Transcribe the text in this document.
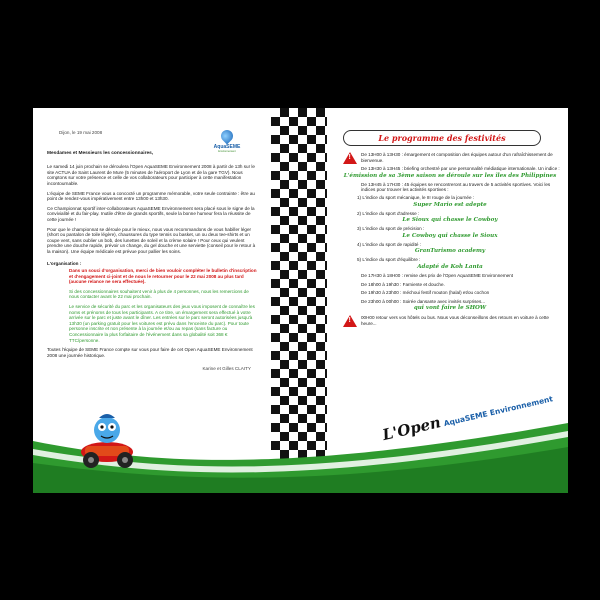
AquaSEME
Environnement
Dijon, le 19 mai 2008
Mesdames et Messieurs les concessionnaires,
Le samedi 14 juin prochain se déroulera l'Open AquaSEME Environnement 2008 à partir de 13h sur le site ACTUA de Saint Laurent de Mure (5 minutes de l'aéroport de Lyon et de la gare TGV). Nous comptons sur votre présence et celle de vos collaborateurs pour participer à cette manifestation incontournable.
L'équipe de SEME France vous a concocté un programme mémorable, votre seule contrainte : être au point de rendez-vous impérativement entre 13h00 et 13h30.
Ce Championnat sportif inter-collaborateurs AquaSEME Environnement sera placé sous le signe de la convivialité et du fair-play. Inutile d'être de grands sportifs, seule la bonne humeur fera la réussite de cette journée !
Pour que le championnat se déroule pour le mieux, nous vous recommandons de vous habiller léger (short ou pantalon de toile légère), chaussures du type tennis ou basket, un ou deux tee-shirts et un coupe vent, sans oublier un bob, des lunettes de soleil et la crème solaire ! Pour ceux qui veulent prendre une douche rapide, prévoir un change, du gel douche et une serviette (conseil pour le retour à la maison). Une équipe médicale est prévue pour pallier les soins.
L'organisation :
Dans un souci d'organisation, merci de bien vouloir compléter le bulletin d'inscription et d'engagement ci-joint et de nous le retourner pour le 22 mai 2008 au plus tard (aucune relance ne sera effectuée).
Si des concessionnaires souhaitent venir à plus de 4 personnes, nous les remercions de nous contacter avant le 22 mai prochain.
Le service de sécurité du parc et les organisateurs des jeux vous imposent de connaître les noms et prénoms de tous les participants. A ce titre, un émargement sera effectué à votre arrivée sur le parc et juste avant le dîner. Les entrées sur le parc seront autorisées jusqu'à 13h30 (un parking gratuit pour les voitures est prévu dans l'enceinte du parc). Pour toute personne inscrite et non présente à la journée et/ou au repas (sans facture ou Concessionnaire la plus forfaitaire de l'événement dans sa globalité soit 368 € TTC/personne.
Toutes l'équipe de SEME France compte sur vous pour faire de cet Open AquaSEME Environnement 2008 une journée historique.
Karine et Gilles CLAITY
Le programme des festivités
!
De 13H00 à 13H30 : émargement et composition des équipes autour d'un rafraîchissement de bienvenue.
De 13H30 à 13H45 : briefing orchestré par une personnalité médiatique internationale. Un indice :
L'émission de sa 3ème saison se déroule sur les îles des Philippines
De 13H45 à 17H30 : 45 équipes se rencontreront au travers de 5 activités sportives. Voici les indices pour trouver les activités sportives :
1) L'indice du sport mécanique, le III rouge de la journée :
Super Mario est adepte
2) L'indice du sport d'adresse :
Le Sioux qui chasse le Cowboy
3) L'indice du sport de précision :
Le Cowboy qui chasse le Sioux
4) L'indice du sport de rapidité :
GranTurismo academy
5) L'indice du sport d'équilibre :
Adapté de Koh Lanta
De 17H30 à 18H00 : remise des prix de l'Open AquaSEME Environnement
De 18h00 à 19h30 : Farniente et douche.
De 19h30 à 23h00 : méchoui festif mouton (halal) et/ou cochon
De 23h00 à 00h00 : Soirée dansante avec invités surprises...
qui vont faire le SHOW
!
00H00 retour vers vos hôtels ou bus. Nous vous déconseillons des retours en voiture à cette heure...
L'OpenAquaSEME Environnement
